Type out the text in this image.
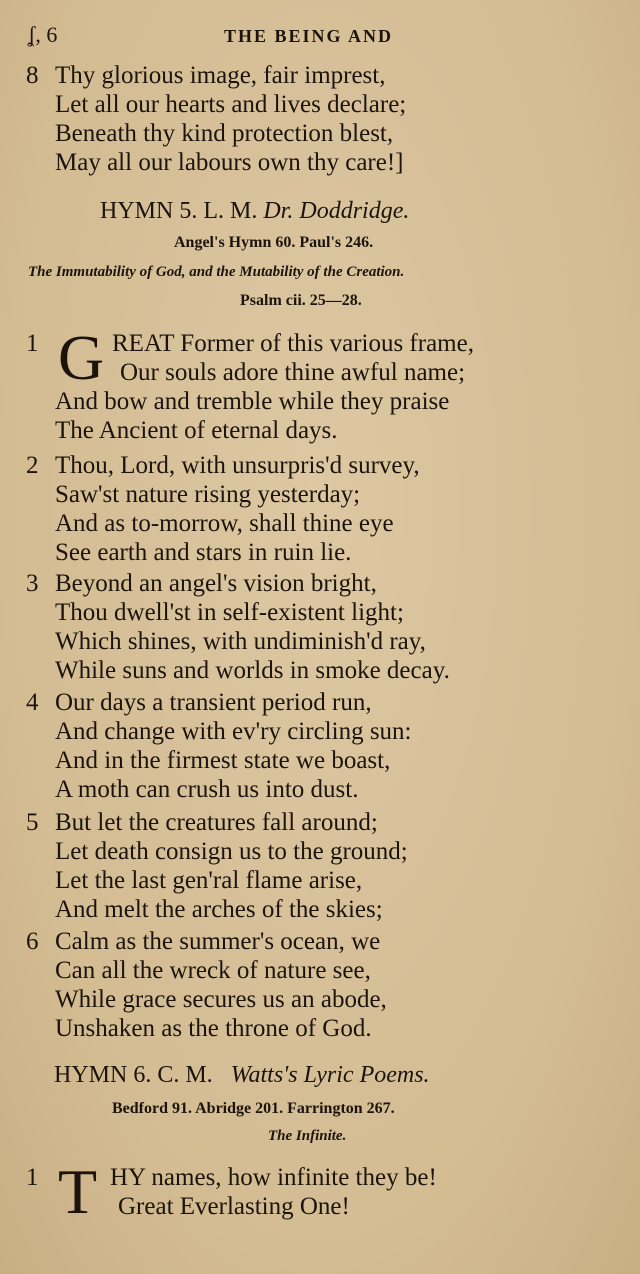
ʆ, 6	THE BEING AND
8 Thy glorious image, fair imprest,
Let all our hearts and lives declare;
Beneath thy kind protection blest,
May all our labours own thy care!]
HYMN 5. L. M. Dr. Doddridge.
Angel's Hymn 60. Paul's 246.
The Immutability of God, and the Mutability of the Creation.
Psalm cii. 25—28.
1 G REAT Former of this various frame,
Our souls adore thine awful name;
And bow and tremble while they praise
The Ancient of eternal days.
2 Thou, Lord, with unsurpris'd survey,
Saw'st nature rising yesterday;
And as to-morrow, shall thine eye
See earth and stars in ruin lie.
3 Beyond an angel's vision bright,
Thou dwell'st in self-existent light;
Which shines, with undiminish'd ray,
While suns and worlds in smoke decay.
4 Our days a transient period run,
And change with ev'ry circling sun:
And in the firmest state we boast,
A moth can crush us into dust.
5 But let the creatures fall around;
Let death consign us to the ground;
Let the last gen'ral flame arise,
And melt the arches of the skies;
6 Calm as the summer's ocean, we
Can all the wreck of nature see,
While grace secures us an abode,
Unshaken as the throne of God.
HYMN 6. C. M. Watts's Lyric Poems.
Bedford 91. Abridge 201. Farrington 267.
The Infinite.
1 T HY names, how infinite they be!
Great Everlasting One!
